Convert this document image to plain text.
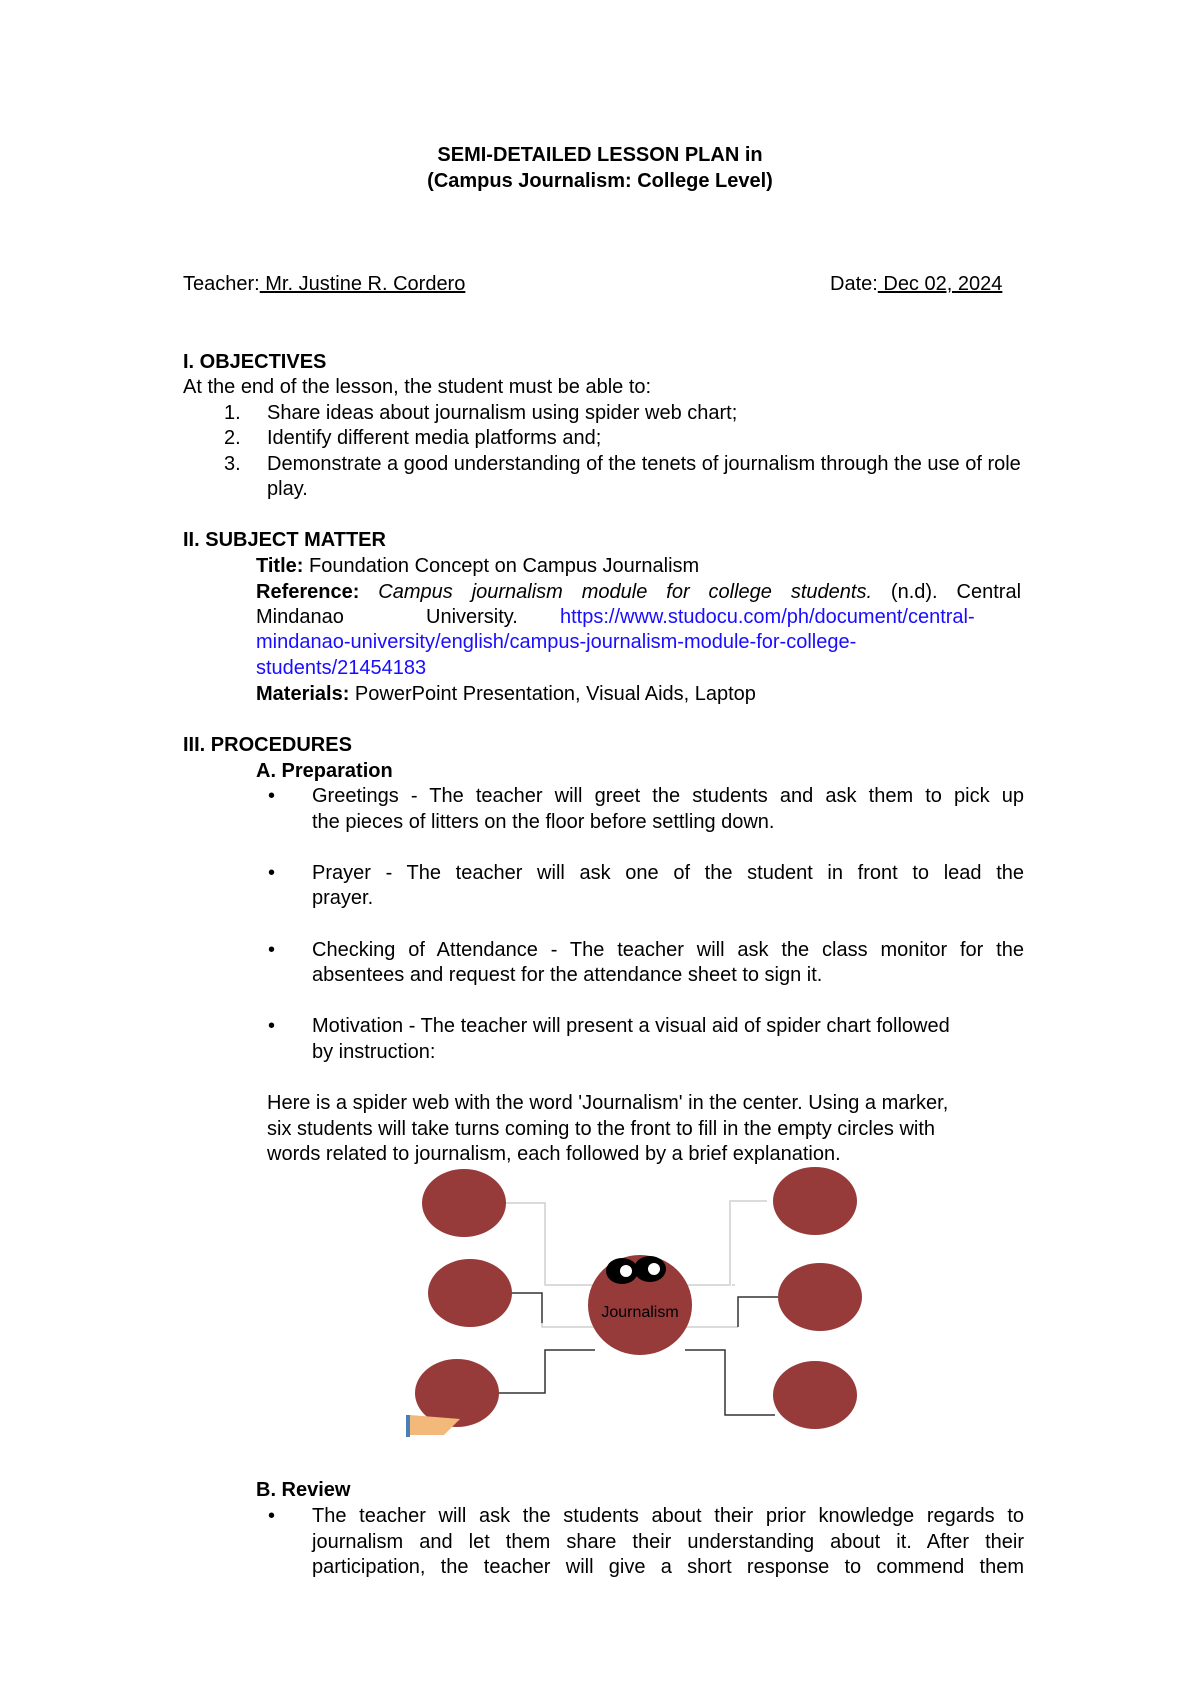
SEMI-DETAILED LESSON PLAN in
(Campus Journalism: College Level)
Teacher: Mr. Justine R. Cordero	Date: Dec 02, 2024
I. OBJECTIVES
At the end of the lesson, the student must be able to:
1. Share ideas about journalism using spider web chart;
2. Identify different media platforms and;
3. Demonstrate a good understanding of the tenets of journalism through the use of role
play.
II. SUBJECT MATTER
Title: Foundation Concept on Campus Journalism
Reference: Campus journalism module for college students. (n.d). Central
Mindanao	University. https://www.studocu.com/ph/document/central-
mindanao-university/english/campus-journalism-module-for-college-
students/21454183
Materials: PowerPoint Presentation, Visual Aids, Laptop
III. PROCEDURES
A. Preparation
• Greetings - The teacher will greet the students and ask them to pick up
the pieces of litters on the floor before settling down.
• Prayer - The teacher will ask one of the student in front to lead the
prayer.
• Checking of Attendance - The teacher will ask the class monitor for the
absentees and request for the attendance sheet to sign it.
• Motivation - The teacher will present a visual aid of spider chart followed
by instruction:
Here is a spider web with the word 'Journalism' in the center. Using a marker,
six students will take turns coming to the front to fill in the empty circles with
words related to journalism, each followed by a brief explanation.
Journalism
B. Review
• The teacher will ask the students about their prior knowledge regards to
journalism and let them share their understanding about it. After their
participation, the teacher will give a short response to commend them
